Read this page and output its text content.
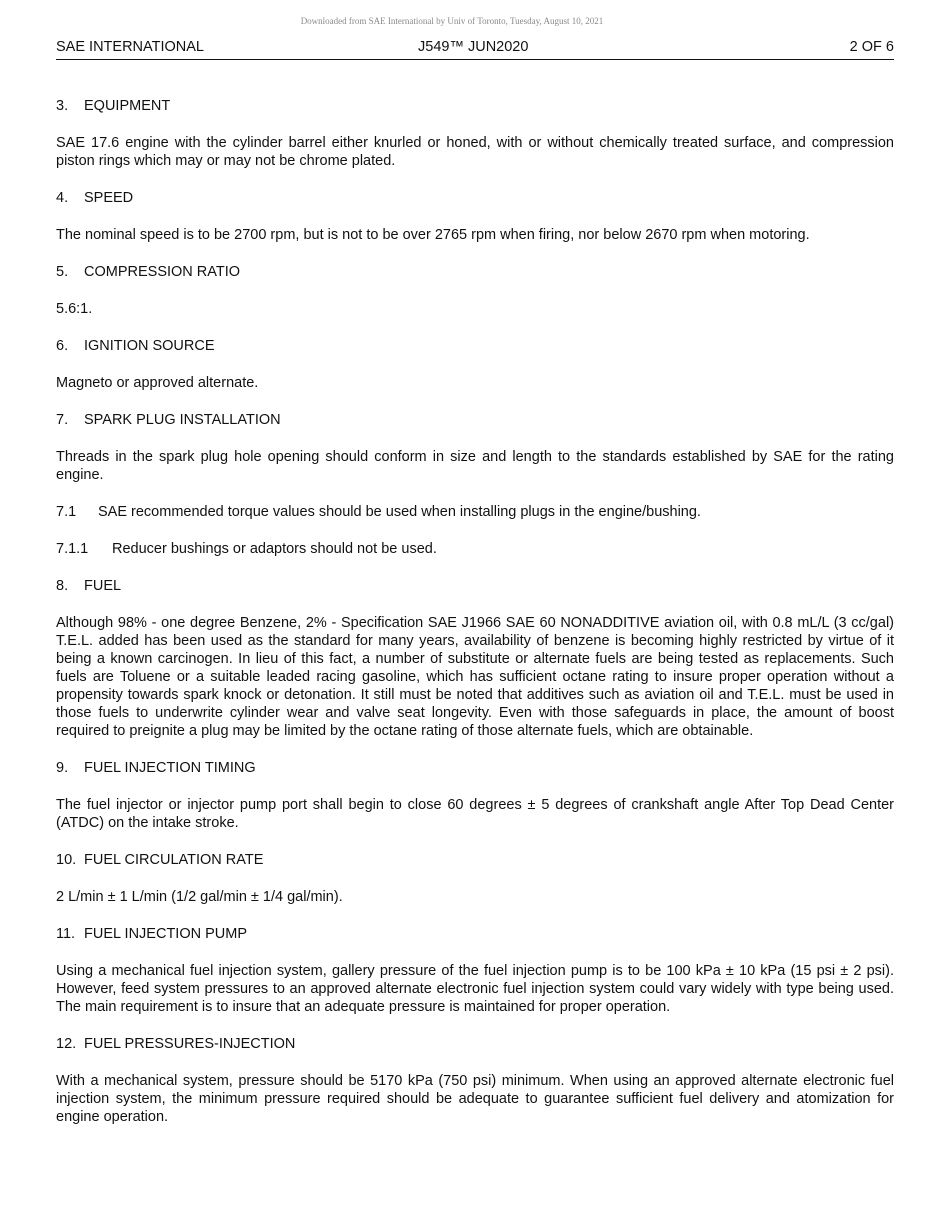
Downloaded from SAE International by Univ of Toronto, Tuesday, August 10, 2021
SAE INTERNATIONAL	J549™ JUN2020	2 OF 6
3.	EQUIPMENT
SAE 17.6 engine with the cylinder barrel either knurled or honed, with or without chemically treated surface, and compression piston rings which may or may not be chrome plated.
4.	SPEED
The nominal speed is to be 2700 rpm, but is not to be over 2765 rpm when firing, nor below 2670 rpm when motoring.
5.	COMPRESSION RATIO
5.6:1.
6.	IGNITION SOURCE
Magneto or approved alternate.
7.	SPARK PLUG INSTALLATION
Threads in the spark plug hole opening should conform in size and length to the standards established by SAE for the rating engine.
7.1	SAE recommended torque values should be used when installing plugs in the engine/bushing.
7.1.1	Reducer bushings or adaptors should not be used.
8.	FUEL
Although 98% - one degree Benzene, 2% - Specification SAE J1966 SAE 60 NONADDITIVE aviation oil, with 0.8 mL/L (3 cc/gal) T.E.L. added has been used as the standard for many years, availability of benzene is becoming highly restricted by virtue of it being a known carcinogen. In lieu of this fact, a number of substitute or alternate fuels are being tested as replacements. Such fuels are Toluene or a suitable leaded racing gasoline, which has sufficient octane rating to insure proper operation without a propensity towards spark knock or detonation. It still must be noted that additives such as aviation oil and T.E.L. must be used in those fuels to underwrite cylinder wear and valve seat longevity. Even with those safeguards in place, the amount of boost required to preignite a plug may be limited by the octane rating of those alternate fuels, which are obtainable.
9.	FUEL INJECTION TIMING
The fuel injector or injector pump port shall begin to close 60 degrees ± 5 degrees of crankshaft angle After Top Dead Center (ATDC) on the intake stroke.
10. FUEL CIRCULATION RATE
2 L/min ± 1 L/min (1/2 gal/min ± 1/4 gal/min).
11. FUEL INJECTION PUMP
Using a mechanical fuel injection system, gallery pressure of the fuel injection pump is to be 100 kPa ± 10 kPa (15 psi ± 2 psi). However, feed system pressures to an approved alternate electronic fuel injection system could vary widely with type being used. The main requirement is to insure that an adequate pressure is maintained for proper operation.
12. FUEL PRESSURES-INJECTION
With a mechanical system, pressure should be 5170 kPa (750 psi) minimum. When using an approved alternate electronic fuel injection system, the minimum pressure required should be adequate to guarantee sufficient fuel delivery and atomization for engine operation.
